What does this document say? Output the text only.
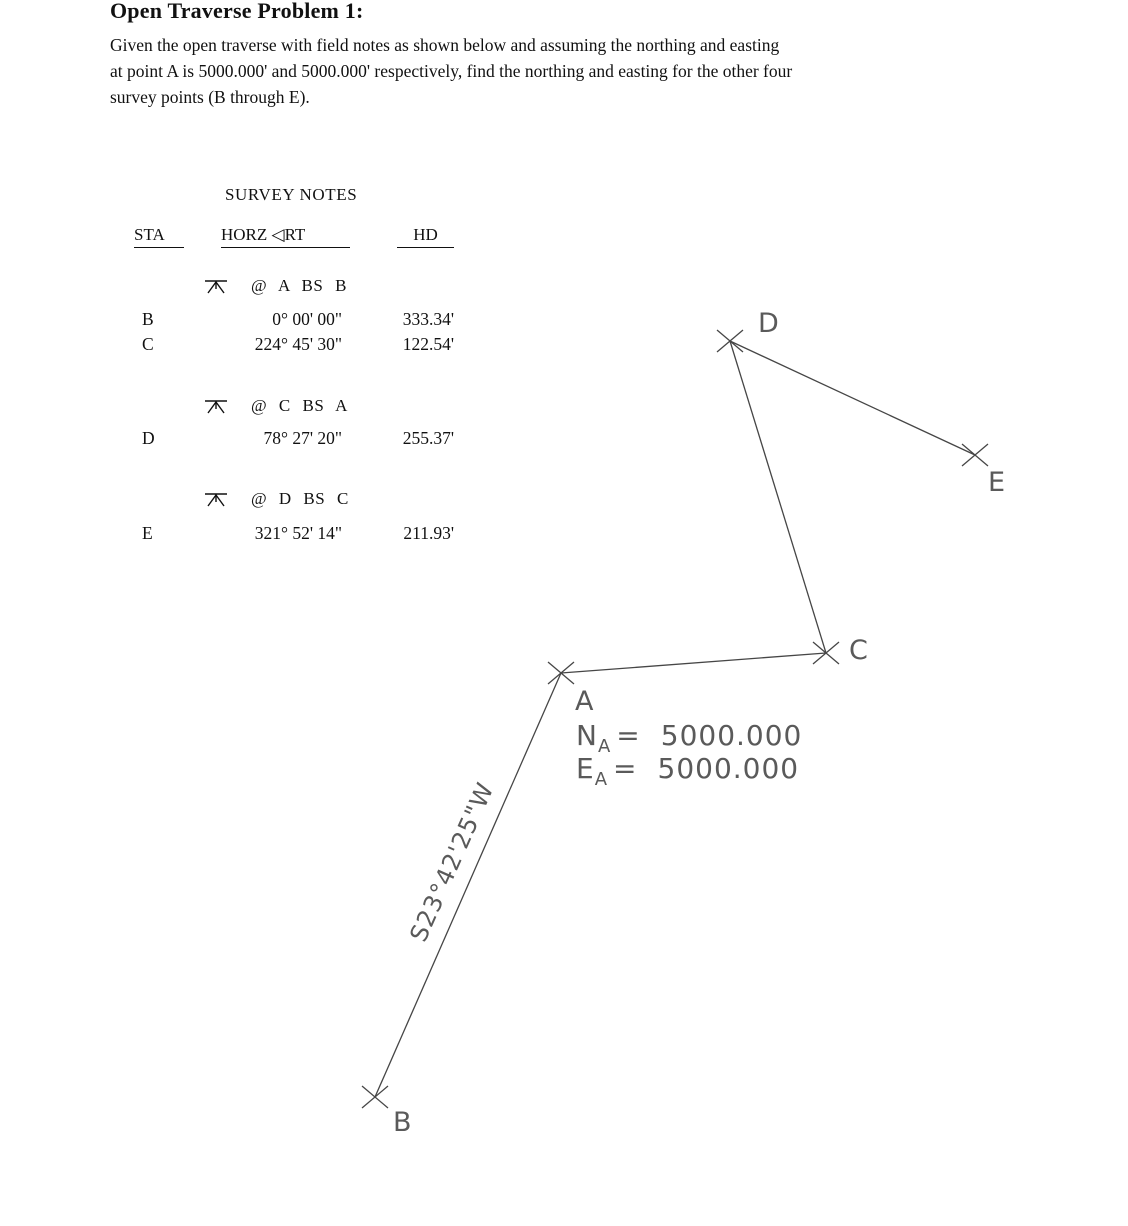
Open Traverse Problem 1:
Given the open traverse with field notes as shown below and assuming the northing and easting
at point A is 5000.000' and 5000.000' respectively, find the northing and easting for the other four
survey points (B through E).
SURVEY NOTES
STA	HORZ ◁RT	HD
@ A BS B
B	0° 00' 00"	333.34'
C	224° 45' 30"	122.54'
@ C BS A
D	78° 27' 20"	255.37'
@ D BS C
E	321° 52' 14"	211.93'
D
E
C
A
B
S23°42'25"W
$N_A = 5000.000$
$E_A = 5000.000$
